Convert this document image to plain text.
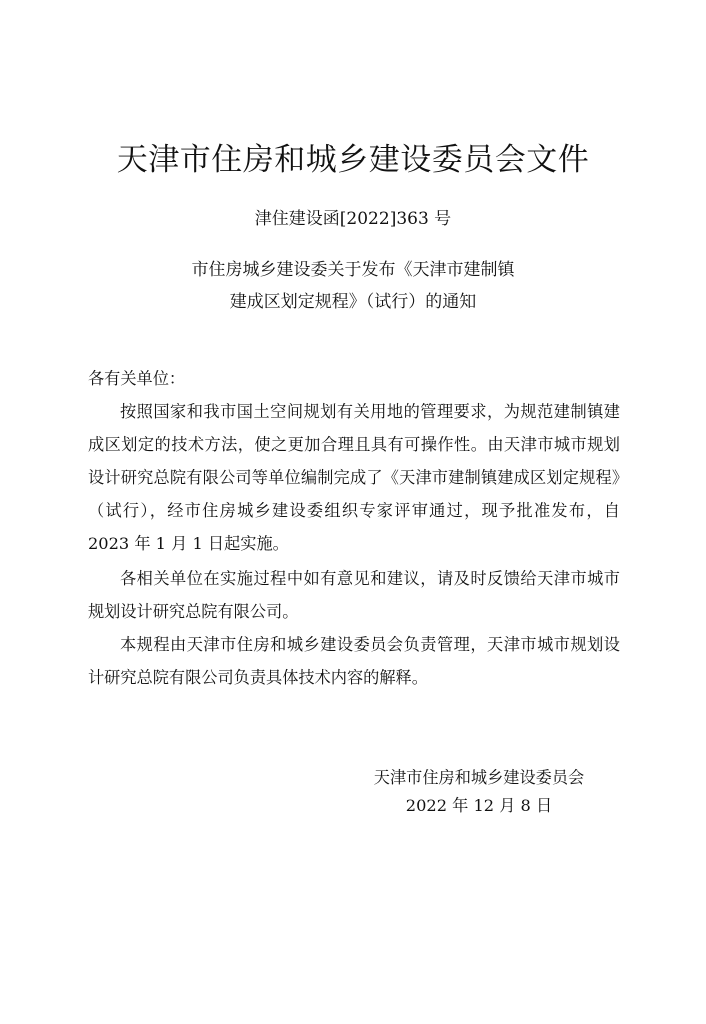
天津市住房和城乡建设委员会文件
津住建设函[2022]363 号
市住房城乡建设委关于发布《天津市建制镇
建成区划定规程》（试行）的通知
各有关单位：
按照国家和我市国土空间规划有关用地的管理要求，为规范建制镇建成区划定的技术方法，使之更加合理且具有可操作性。由天津市城市规划设计研究总院有限公司等单位编制完成了《天津市建制镇建成区划定规程》（试行），经市住房城乡建设委组织专家评审通过，现予批准发布，自 2023 年 1 月 1 日起实施。
各相关单位在实施过程中如有意见和建议，请及时反馈给天津市城市规划设计研究总院有限公司。
本规程由天津市住房和城乡建设委员会负责管理，天津市城市规划设计研究总院有限公司负责具体技术内容的解释。
天津市住房和城乡建设委员会
2022 年 12 月 8 日
